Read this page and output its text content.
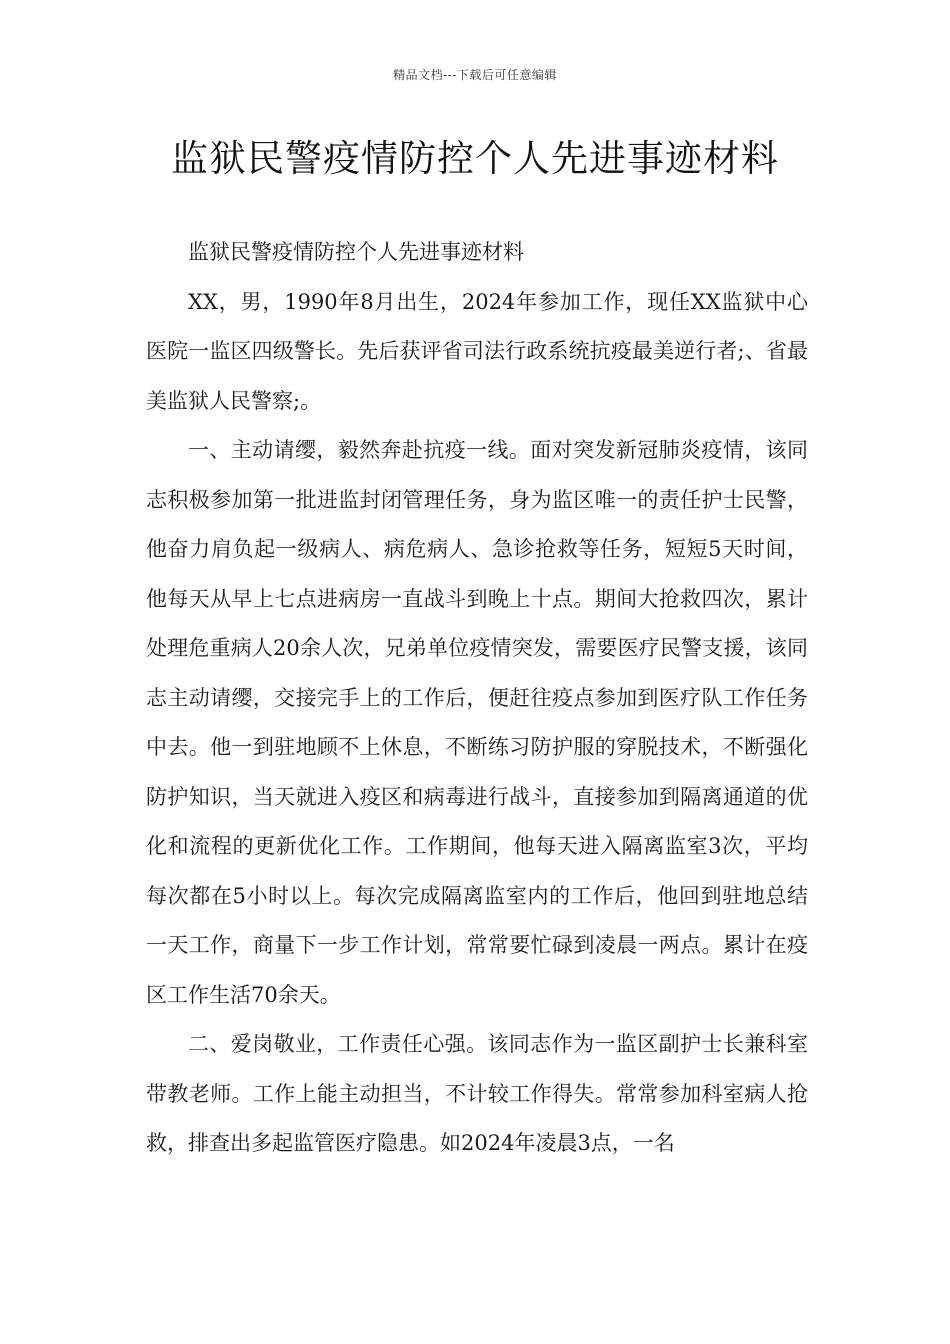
精品文档---下载后可任意编辑
监狱民警疫情防控个人先进事迹材料

监狱民警疫情防控个人先进事迹材料

XX，男，1990年8月出生，2024年参加工作，现任XX监狱中心医院一监区四级警长。先后获评省司法行政系统抗疫最美逆行者;、省最美监狱人民警察;。

一、主动请缨，毅然奔赴抗疫一线。面对突发新冠肺炎疫情，该同志积极参加第一批进监封闭管理任务，身为监区唯一的责任护士民警，他奋力肩负起一级病人、病危病人、急诊抢救等任务，短短5天时间，他每天从早上七点进病房一直战斗到晚上十点。期间大抢救四次，累计处理危重病人20余人次，兄弟单位疫情突发，需要医疗民警支援，该同志主动请缨，交接完手上的工作后，便赶往疫点参加到医疗队工作任务中去。他一到驻地顾不上休息，不断练习防护服的穿脱技术，不断强化防护知识，当天就进入疫区和病毒进行战斗，直接参加到隔离通道的优化和流程的更新优化工作。工作期间，他每天进入隔离监室3次，平均每次都在5小时以上。每次完成隔离监室内的工作后，他回到驻地总结一天工作，商量下一步工作计划，常常要忙碌到凌晨一两点。累计在疫区工作生活70余天。

二、爱岗敬业，工作责任心强。该同志作为一监区副护士长兼科室带教老师。工作上能主动担当，不计较工作得失。常常参加科室病人抢救，排查出多起监管医疗隐患。如2024年凌晨3点，一名
